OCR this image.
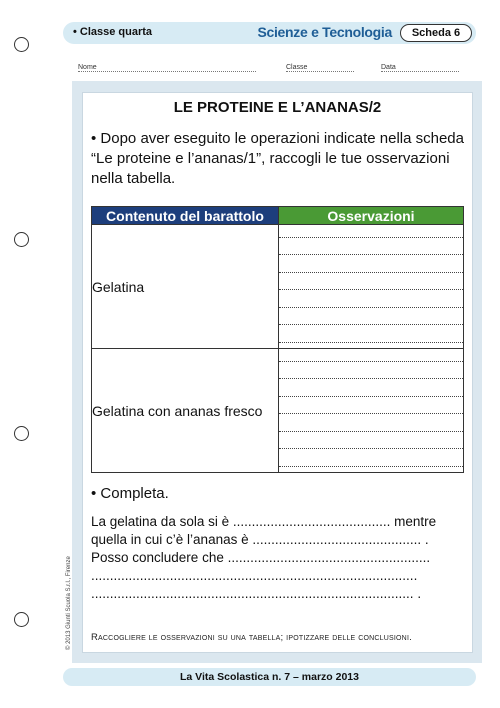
• Classe quarta	Scienze e Tecnologia	Scheda 6
Nome	Classe	Data
LE PROTEINE E L’ANANAS/2
• Dopo aver eseguito le operazioni indicate nella scheda “Le proteine e l’ananas/1”, raccogli le tue osservazioni nella tabella.
Contenuto del barattolo	Osservazioni
Gelatina	

Gelatina con ananas fresco	
• Completa.
La gelatina da sola si è .......................................... mentre
quella in cui c’è l’ananas è ............................................. .
Posso concludere che ......................................................
.......................................................................................
...................................................................................... .
Raccogliere le osservazioni su una tabella; ipotizzare delle conclusioni.
© 2013 Giunti Scuola S.r.l., Firenze
La Vita Scolastica n. 7 – marzo 2013
